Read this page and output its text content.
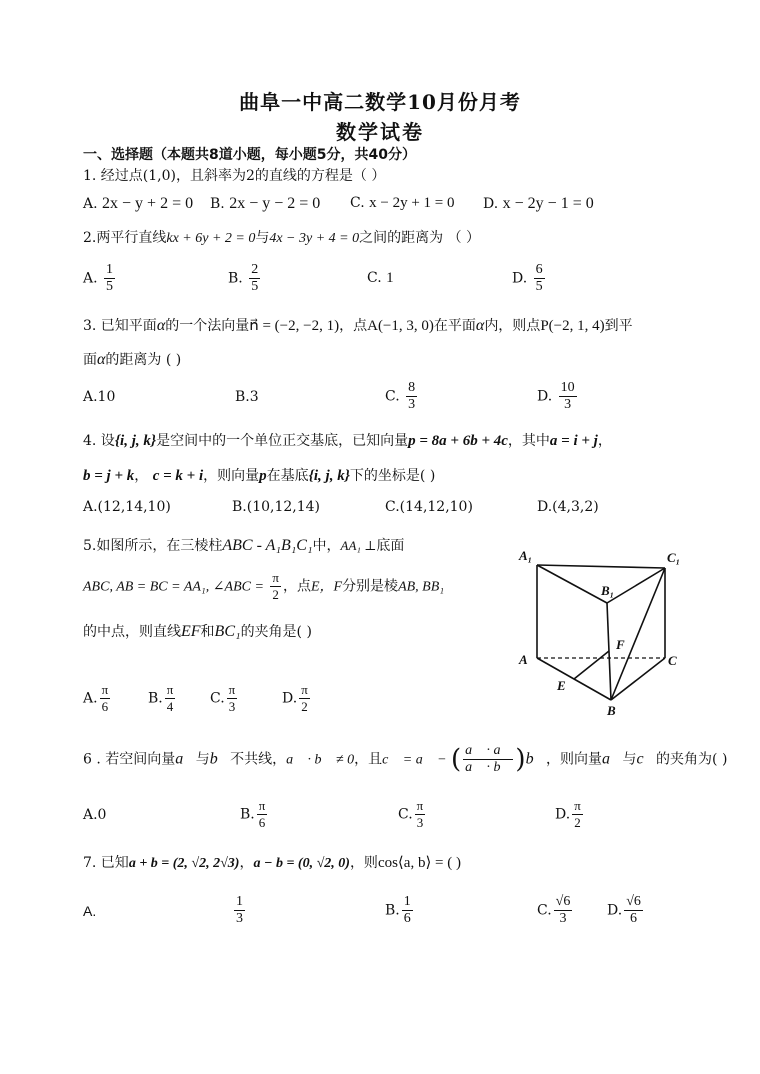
曲阜一中高二数学10月份月考
数学试卷
一、选择题（本题共8道小题，每小题5分，共40分）
1. 经过点(1,0)，且斜率为2的直线的方程是（ ）
A. 2x − y + 2 = 0 B. 2x − y − 2 = 0 C. x − 2y + 1 = 0 D. x − 2y − 1 = 0
2.两平行直线kx + 6y + 2 = 0与4x − 3y + 4 = 0之间的距离为 （ ）
A. $\frac{1}{5}$	B. $\frac{2}{5}$	C. 1	D. $\frac{6}{5}$
3. 已知平面α的一个法向量n⃗ = (−2, −2, 1)，点A(−1, 3, 0)在平面α内，则点P(−2, 1, 4)到平
面α的距离为 ( )
A.10	B.3	C. $\frac{8}{3}$	D. $\frac{10}{3}$
4. 设{i, j, k}是空间中的一个单位正交基底，已知向量p = 8a + 6b + 4c，其中a = i + j，
b = j + k， c = k + i，则向量p在基底{i, j, k}下的坐标是( )
A.(12,14,10)	B.(10,12,14)	C.(14,12,10)	D.(4,3,2)
5.如图所示，在三棱柱ABC - A₁B₁C₁中，AA₁ ⊥底面
ABC, AB = BC = AA₁, ∠ABC = $\frac{\pi}{2}$ ，点E，F分别是棱AB, BB₁
的中点，则直线EF和BC₁的夹角是( )
A. $\frac{\pi}{6}$	B. $\frac{\pi}{4} C$. $\frac{\pi}{3}$	D. $\frac{\pi}{2}$
A₁	C₁
B₁
F
A	C
E
B
6 . 若空间向量a⃗与b⃗不共线，a⃗ · b⃗ ≠ 0，且c⃗ = a⃗ − ( $\frac{a⃗ \cdot a⃗}{a⃗ \cdot b⃗}$ )b⃗，则向量a⃗与c⃗的夹角为( )
A.0	B. $\frac{\pi}{6}$	C. $\frac{\pi}{3}$	D. $\frac{\pi}{2}$
7. 已知a + b = (2, √2, 2√3)，a − b = (0, √2, 0)，则cos⟨a, b⟩ = ( )
A.	$\frac{1}{3}$	B. $\frac{1}{6}$	C. $\frac{√6}{3} D$. $\frac{√6}{6}$
